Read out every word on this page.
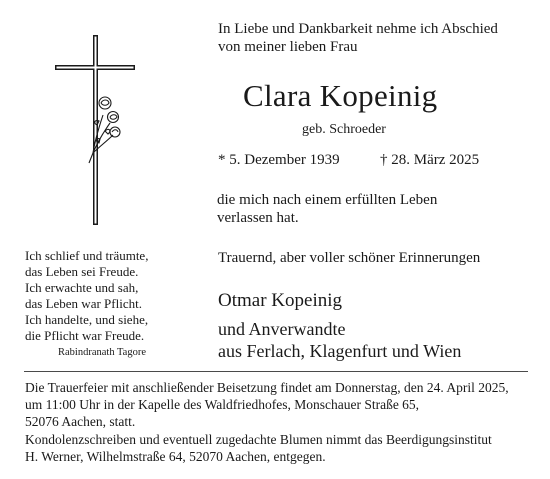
In Liebe und Dankbarkeit nehme ich Abschied
von meiner lieben Frau
Clara Kopeinig
geb. Schroeder
* 5. Dezember 1939	† 28. März 2025
die mich nach einem erfüllten Leben
verlassen hat.
Trauernd, aber voller schöner Erinnerungen
Otmar Kopeinig
und Anverwandte
aus Ferlach, Klagenfurt und Wien
Ich schlief und träumte,
das Leben sei Freude.
Ich erwachte und sah,
das Leben war Pflicht.
Ich handelte, und siehe,
die Pflicht war Freude.
Rabindranath Tagore
Die Trauerfeier mit anschließender Beisetzung findet am Donnerstag, den 24. April 2025,
um 11:00 Uhr in der Kapelle des Waldfriedhofes, Monschauer Straße 65,
52076 Aachen, statt.
Kondolenzschreiben und eventuell zugedachte Blumen nimmt das Beerdigungsinstitut
H. Werner, Wilhelmstraße 64, 52070 Aachen, entgegen.
